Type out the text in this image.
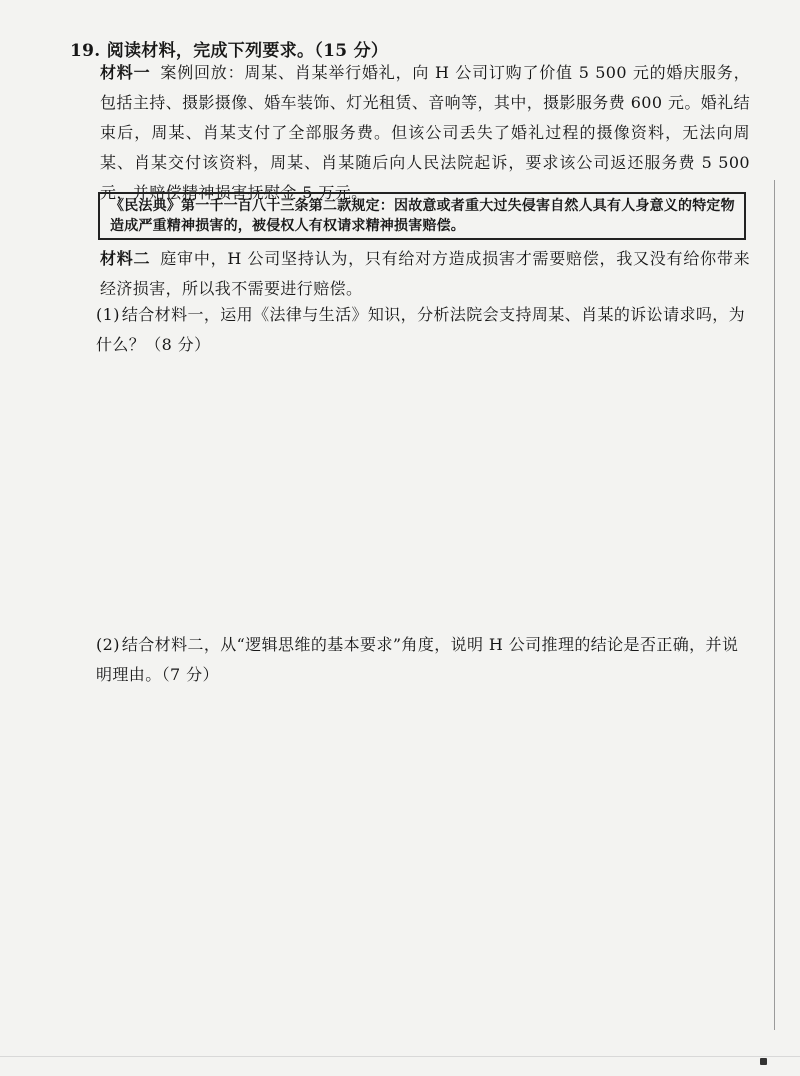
19. 阅读材料，完成下列要求。（15 分）
材料一 案例回放：周某、肖某举行婚礼，向 H 公司订购了价值 5 500 元的婚庆服务，包括主持、摄影摄像、婚车装饰、灯光租赁、音响等，其中，摄影服务费 600 元。婚礼结束后，周某、肖某支付了全部服务费。但该公司丢失了婚礼过程的摄像资料，无法向周某、肖某交付该资料，周某、肖某随后向人民法院起诉，要求该公司返还服务费 5 500 元，并赔偿精神损害抚慰金 5 万元。
《民法典》第一千一百八十三条第二款规定：因故意或者重大过失侵害自然人具有人身意义的特定物造成严重精神损害的，被侵权人有权请求精神损害赔偿。
材料二 庭审中，H 公司坚持认为，只有给对方造成损害才需要赔偿，我又没有给你带来经济损害，所以我不需要进行赔偿。
(1) 结合材料一，运用《法律与生活》知识，分析法院会支持周某、肖某的诉讼请求吗，为什么？（8 分）
(2) 结合材料二，从“逻辑思维的基本要求”角度，说明 H 公司推理的结论是否正确，并说明理由。（7 分）
